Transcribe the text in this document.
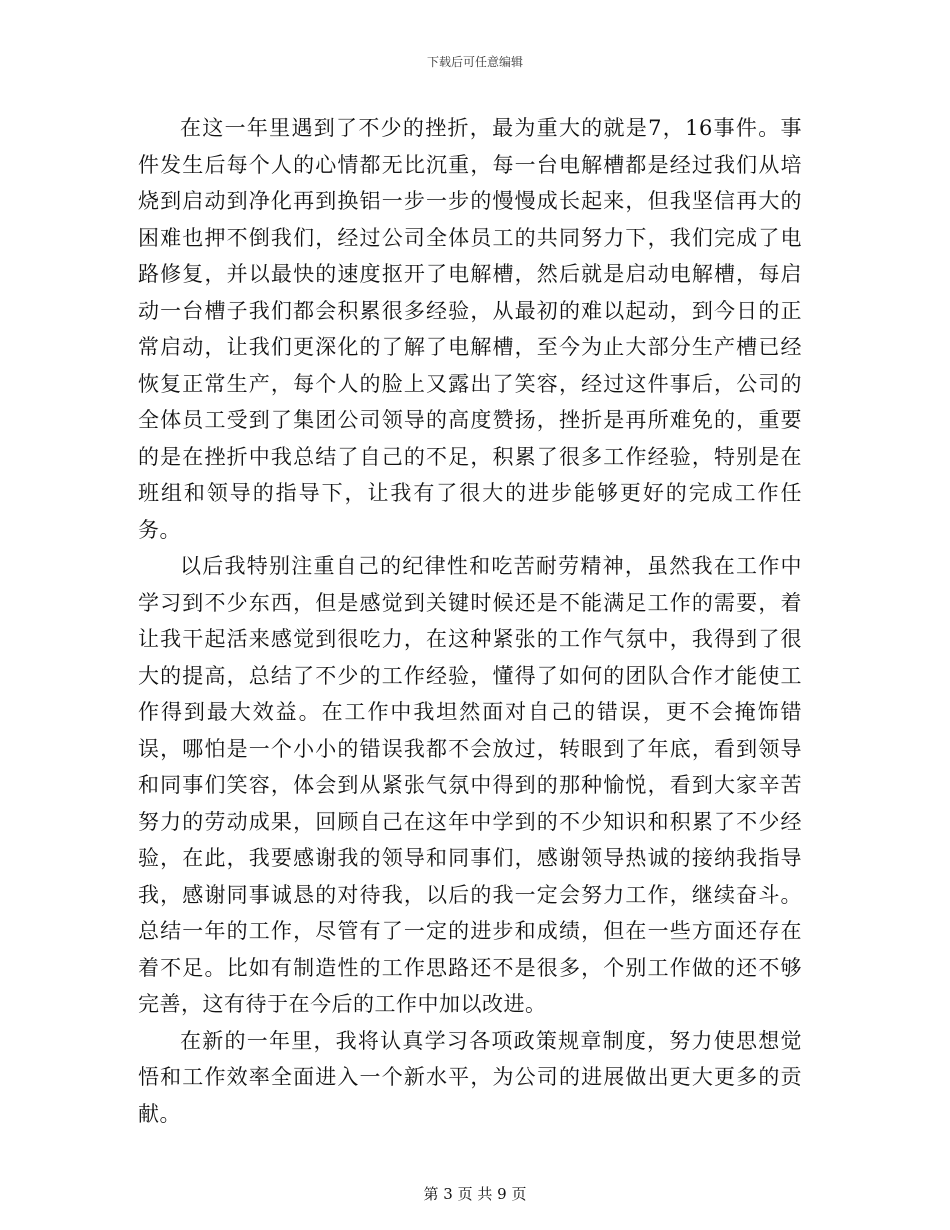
下载后可任意编辑

在这一年里遇到了不少的挫折，最为重大的就是7，16事件。事件发生后每个人的心情都无比沉重，每一台电解槽都是经过我们从培烧到启动到净化再到换铝一步一步的慢慢成长起来，但我坚信再大的困难也押不倒我们，经过公司全体员工的共同努力下，我们完成了电路修复，并以最快的速度抠开了电解槽，然后就是启动电解槽，每启动一台槽子我们都会积累很多经验，从最初的难以起动，到今日的正常启动，让我们更深化的了解了电解槽，至今为止大部分生产槽已经恢复正常生产，每个人的脸上又露出了笑容，经过这件事后，公司的全体员工受到了集团公司领导的高度赞扬，挫折是再所难免的，重要的是在挫折中我总结了自己的不足，积累了很多工作经验，特别是在班组和领导的指导下，让我有了很大的进步能够更好的完成工作任务。

以后我特别注重自己的纪律性和吃苦耐劳精神，虽然我在工作中学习到不少东西，但是感觉到关键时候还是不能满足工作的需要，着让我干起活来感觉到很吃力，在这种紧张的工作气氛中，我得到了很大的提高，总结了不少的工作经验，懂得了如何的团队合作才能使工作得到最大效益。在工作中我坦然面对自己的错误，更不会掩饰错误，哪怕是一个小小的错误我都不会放过，转眼到了年底，看到领导和同事们笑容，体会到从紧张气氛中得到的那种愉悦，看到大家辛苦努力的劳动成果，回顾自己在这年中学到的不少知识和积累了不少经验，在此，我要感谢我的领导和同事们，感谢领导热诚的接纳我指导我，感谢同事诚恳的对待我，以后的我一定会努力工作，继续奋斗。总结一年的工作，尽管有了一定的进步和成绩，但在一些方面还存在着不足。比如有制造性的工作思路还不是很多，个别工作做的还不够完善，这有待于在今后的工作中加以改进。

在新的一年里，我将认真学习各项政策规章制度，努力使思想觉悟和工作效率全面进入一个新水平，为公司的进展做出更大更多的贡献。

第 3 页 共 9 页
